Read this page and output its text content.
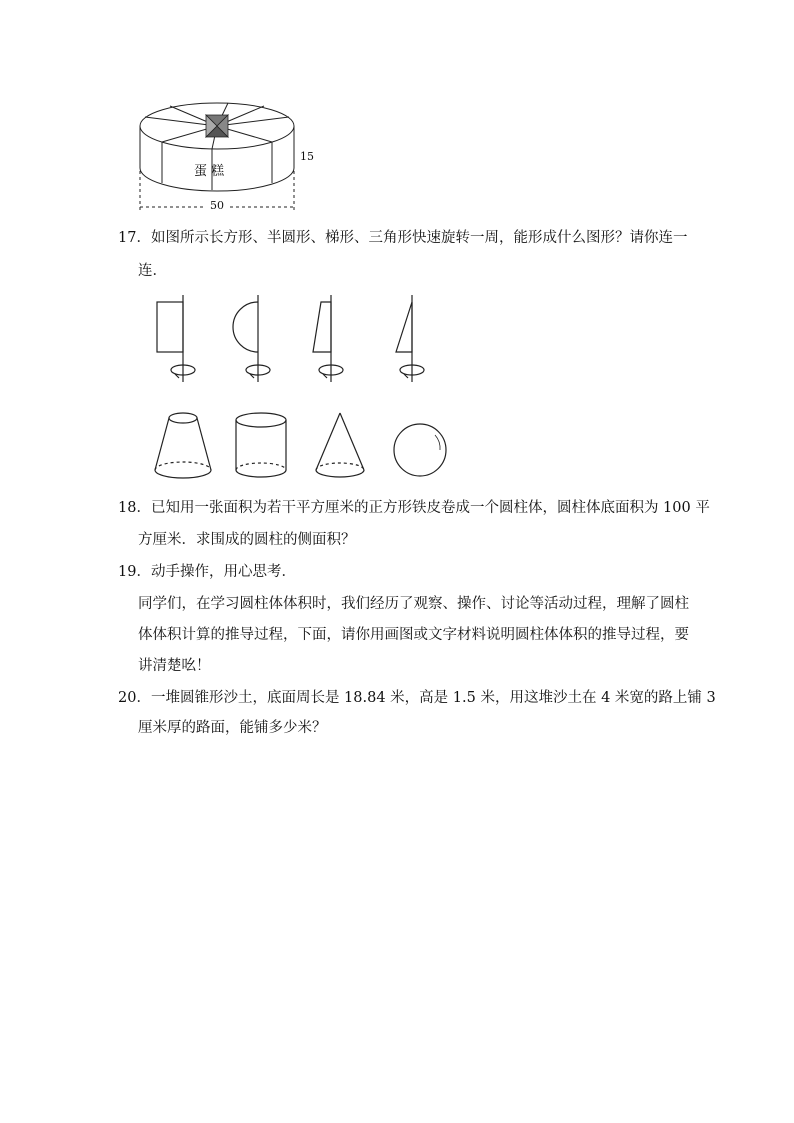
蛋 糕
15
50
17．如图所示长方形、半圆形、梯形、三角形快速旋转一周，能形成什么图形？请你连一
连．
18．已知用一张面积为若干平方厘米的正方形铁皮卷成一个圆柱体，圆柱体底面积为 100 平
方厘米．求围成的圆柱的侧面积？
19．动手操作，用心思考．
同学们，在学习圆柱体体积时，我们经历了观察、操作、讨论等活动过程，理解了圆柱
体体积计算的推导过程，下面，请你用画图或文字材料说明圆柱体体积的推导过程，要
讲清楚吆！
20．一堆圆锥形沙土，底面周长是 18.84 米，高是 1.5 米，用这堆沙土在 4 米宽的路上铺 3
厘米厚的路面，能铺多少米？
